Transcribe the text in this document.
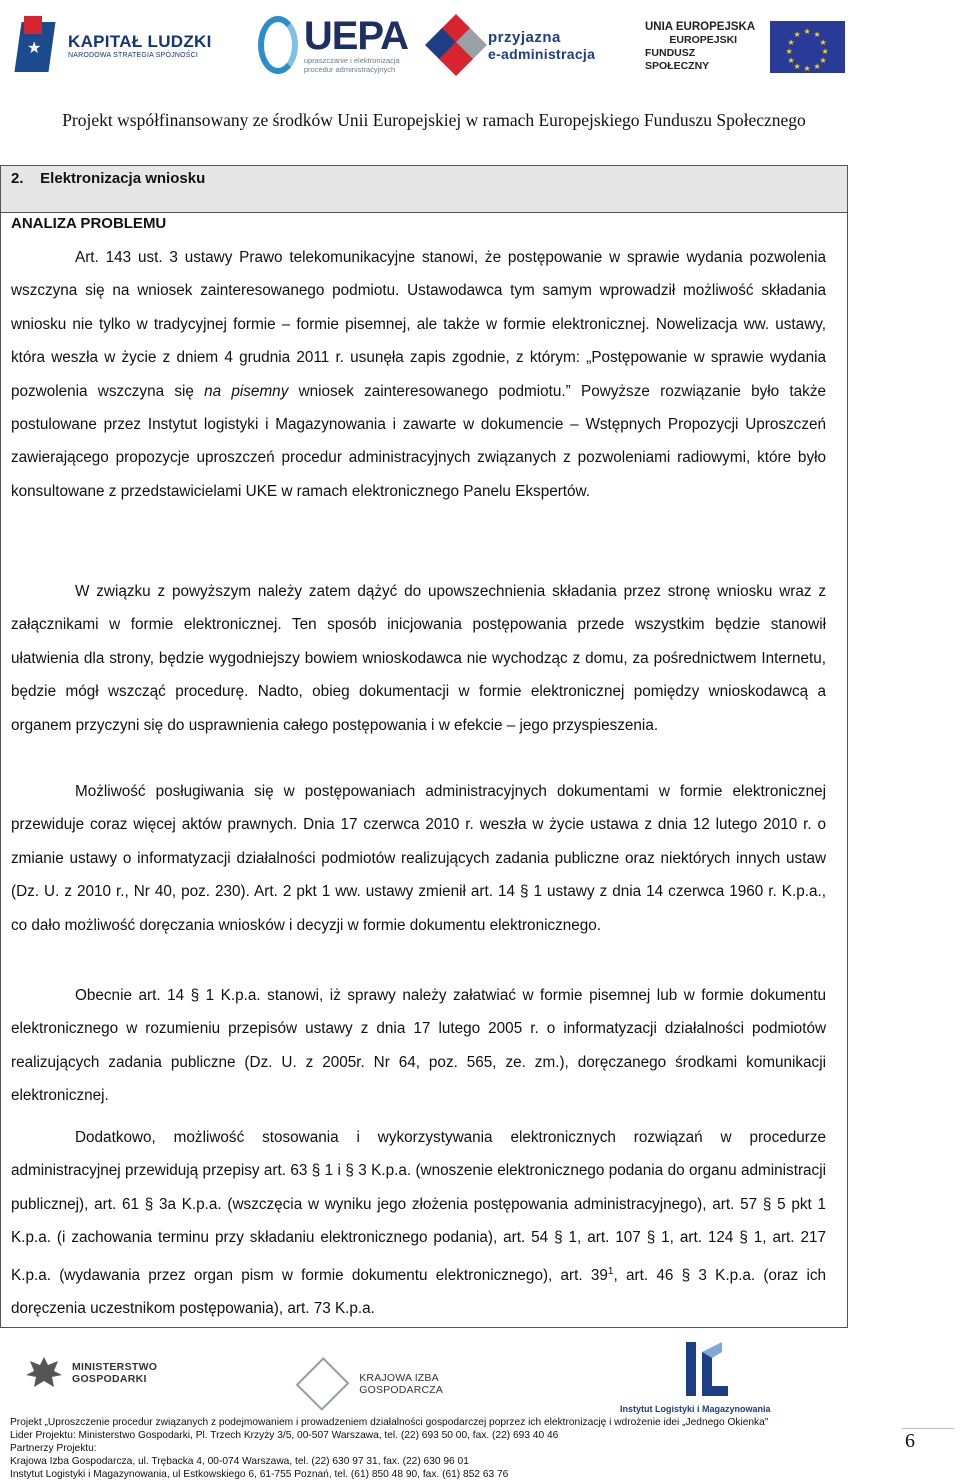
★ KAPITAŁ LUDZKI
NARODOWA STRATEGIA SPÓJNOŚCI	UEPA
upraszczanie i elektronizacja
procedur administracyjnych
przyjazna
e-administracja
UNIA EUROPEJSKA
EUROPEJSKI
FUNDUSZ SPOŁECZNY
★ ★
★
★
★
★
★
★
★
★
★
★
Projekt współfinansowany ze środków Unii Europejskiej w ramach Europejskiego Funduszu Społecznego
2.    Elektronizacja wniosku
ANALIZA PROBLEMU
Art. 143 ust. 3 ustawy Prawo telekomunikacyjne stanowi, że postępowanie w sprawie wydania pozwolenia wszczyna się na wniosek zainteresowanego podmiotu. Ustawodawca tym samym wprowadził możliwość składania wniosku nie tylko w tradycyjnej formie – formie pisemnej, ale także w formie elektronicznej. Nowelizacja ww. ustawy, która weszła w życie z dniem 4 grudnia 2011 r. usunęła zapis zgodnie, z którym: „Postępowanie w sprawie wydania pozwolenia wszczyna się na pisemny wniosek zainteresowanego podmiotu.” Powyższe rozwiązanie było także postulowane przez Instytut logistyki i Magazynowania i zawarte w dokumencie – Wstępnych Propozycji Uproszczeń zawierającego propozycje uproszczeń procedur administracyjnych związanych z pozwoleniami radiowymi, które było konsultowane z przedstawicielami UKE w ramach elektronicznego Panelu Ekspertów.
W związku z powyższym należy zatem dążyć do upowszechnienia składania przez stronę wniosku wraz z załącznikami w formie elektronicznej. Ten sposób inicjowania postępowania przede wszystkim będzie stanowił ułatwienia dla strony, będzie wygodniejszy bowiem wnioskodawca nie wychodząc z domu, za pośrednictwem Internetu, będzie mógł wszcząć procedurę. Nadto, obieg dokumentacji w formie elektronicznej pomiędzy wnioskodawcą a organem przyczyni się do usprawnienia całego postępowania i w efekcie – jego przyspieszenia.
Możliwość posługiwania się w postępowaniach administracyjnych dokumentami w formie elektronicznej przewiduje coraz więcej aktów prawnych. Dnia 17 czerwca 2010 r. weszła w życie ustawa z dnia 12 lutego 2010 r. o zmianie ustawy o informatyzacji działalności podmiotów realizujących zadania publiczne oraz niektórych innych ustaw (Dz. U. z 2010 r., Nr 40, poz. 230). Art. 2 pkt 1 ww. ustawy zmienił art. 14 § 1 ustawy z dnia 14 czerwca 1960 r. K.p.a., co dało możliwość doręczania wniosków i decyzji w formie dokumentu elektronicznego.
Obecnie art. 14 § 1 K.p.a. stanowi, iż sprawy należy załatwiać w formie pisemnej lub w formie dokumentu elektronicznego w rozumieniu przepisów ustawy z dnia 17 lutego 2005 r. o informatyzacji działalności podmiotów realizujących zadania publiczne (Dz. U. z 2005r. Nr 64, poz. 565, ze. zm.), doręczanego środkami komunikacji elektronicznej.
Dodatkowo, możliwość stosowania i wykorzystywania elektronicznych rozwiązań w procedurze administracyjnej przewidują przepisy art. 63 § 1 i § 3 K.p.a. (wnoszenie elektronicznego podania do organu administracji publicznej), art. 61 § 3a K.p.a. (wszczęcia w wyniku jego złożenia postępowania administracyjnego), art. 57 § 5 pkt 1 K.p.a. (i zachowania terminu przy składaniu elektronicznego podania), art. 54 § 1, art. 107 § 1, art. 124 § 1, art. 217 K.p.a. (wydawania przez organ pism w formie dokumentu elektronicznego), art. $39^1$, art. 46 § 3 K.p.a. (oraz ich doręczenia uczestnikom postępowania), art. 73 K.p.a.
MINISTERSTWO
GOSPODARKI	KRAJOWA IZBA GOSPODARCZA
Instytut Logistyki i Magazynowania
Projekt „Uproszczenie procedur związanych z podejmowaniem i prowadzeniem działalności gospodarczej poprzez ich elektronizację i wdrożenie idei „Jednego Okienka”
Lider Projektu: Ministerstwo Gospodarki, Pl. Trzech Krzyży 3/5, 00-507 Warszawa, tel. (22) 693 50 00, fax. (22) 693 40 46
Partnerzy Projektu:
Krajowa Izba Gospodarcza, ul. Trębacka 4, 00-074 Warszawa, tel. (22) 630 97 31, fax. (22) 630 96 01
Instytut Logistyki i Magazynowania, ul Estkowskiego 6, 61-755 Poznań, tel. (61) 850 48 90, fax. (61) 852 63 76
6
